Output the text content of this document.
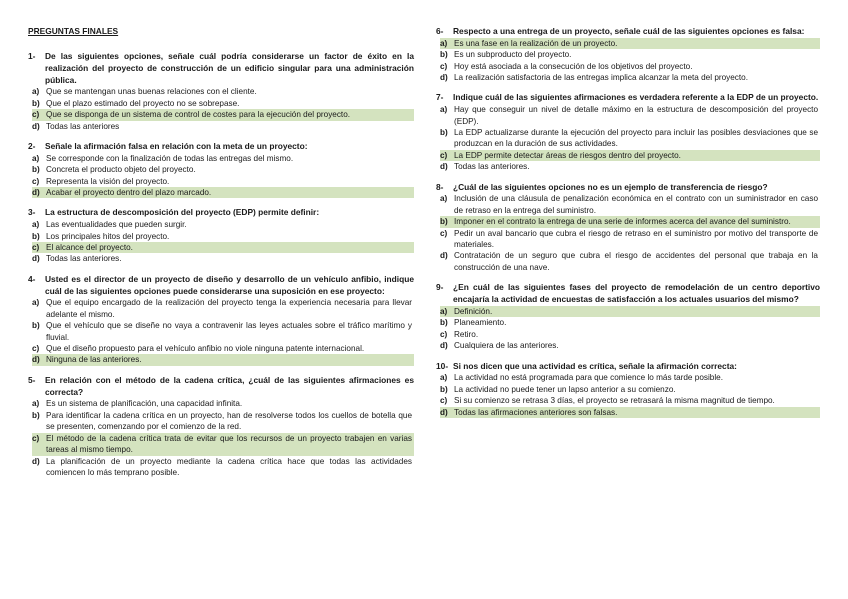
PREGUNTAS FINALES
1-	De las siguientes opciones, señale cuál podría considerarse un factor de éxito en la realización del proyecto de construcción de un edificio singular para una administración pública.
a) Que se mantengan unas buenas relaciones con el cliente.
b) Que el plazo estimado del proyecto no se sobrepase.
c) Que se disponga de un sistema de control de costes para la ejecución del proyecto.
d) Todas las anteriores
2-	Señale la afirmación falsa en relación con la meta de un proyecto:
a) Se corresponde con la finalización de todas las entregas del mismo.
b) Concreta el producto objeto del proyecto.
c) Representa la visión del proyecto.
d) Acabar el proyecto dentro del plazo marcado.
3-	La estructura de descomposición del proyecto (EDP) permite definir:
a) Las eventualidades que pueden surgir.
b) Los principales hitos del proyecto.
c) El alcance del proyecto.
d) Todas las anteriores.
4-	Usted es el director de un proyecto de diseño y desarrollo de un vehículo anfibio, indique cuál de las siguientes opciones puede considerarse una suposición en ese proyecto:
a) Que el equipo encargado de la realización del proyecto tenga la experiencia necesaria para llevar adelante el mismo.
b) Que el vehículo que se diseñe no vaya a contravenir las leyes actuales sobre el tráfico marítimo y fluvial.
c) Que el diseño propuesto para el vehículo anfibio no viole ninguna patente internacional.
d) Ninguna de las anteriores.
5-	En relación con el método de la cadena crítica, ¿cuál de las siguientes afirmaciones es correcta?
a) Es un sistema de planificación, una capacidad infinita.
b) Para identificar la cadena crítica en un proyecto, han de resolverse todos los cuellos de botella que se presenten, comenzando por el comienzo de la red.
c) El método de la cadena crítica trata de evitar que los recursos de un proyecto trabajen en varias tareas al mismo tiempo.
d) La planificación de un proyecto mediante la cadena crítica hace que todas las actividades comiencen lo más temprano posible.
6-	Respecto a una entrega de un proyecto, señale cuál de las siguientes opciones es falsa:
a) Es una fase en la realización de un proyecto.
b) Es un subproducto del proyecto.
c) Hoy está asociada a la consecución de los objetivos del proyecto.
d) La realización satisfactoria de las entregas implica alcanzar la meta del proyecto.
7-	Indique cuál de las siguientes afirmaciones es verdadera referente a la EDP de un proyecto.
a) Hay que conseguir un nivel de detalle máximo en la estructura de descomposición del proyecto (EDP).
b) La EDP actualizarse durante la ejecución del proyecto para incluir las posibles desviaciones que se produzcan en la duración de sus actividades.
c) La EDP permite detectar áreas de riesgos dentro del proyecto.
d) Todas las anteriores.
8-	¿Cuál de las siguientes opciones no es un ejemplo de transferencia de riesgo?
a) Inclusión de una cláusula de penalización económica en el contrato con un suministrador en caso de retraso en la entrega del suministro.
b) Imponer en el contrato la entrega de una serie de informes acerca del avance del suministro.
c) Pedir un aval bancario que cubra el riesgo de retraso en el suministro por motivo del transporte de materiales.
d) Contratación de un seguro que cubra el riesgo de accidentes del personal que trabaja en la construcción de una nave.
9-	¿En cuál de las siguientes fases del proyecto de remodelación de un centro deportivo encajaría la actividad de encuestas de satisfacción a los actuales usuarios del mismo?
a) Definición.
b) Planeamiento.
c) Retiro.
d) Cualquiera de las anteriores.
10- Si nos dicen que una actividad es crítica, señale la afirmación correcta:
a) La actividad no está programada para que comience lo más tarde posible.
b) La actividad no puede tener un lapso anterior a su comienzo.
c) Si su comienzo se retrasa 3 días, el proyecto se retrasará la misma magnitud de tiempo.
d) Todas las afirmaciones anteriores son falsas.
